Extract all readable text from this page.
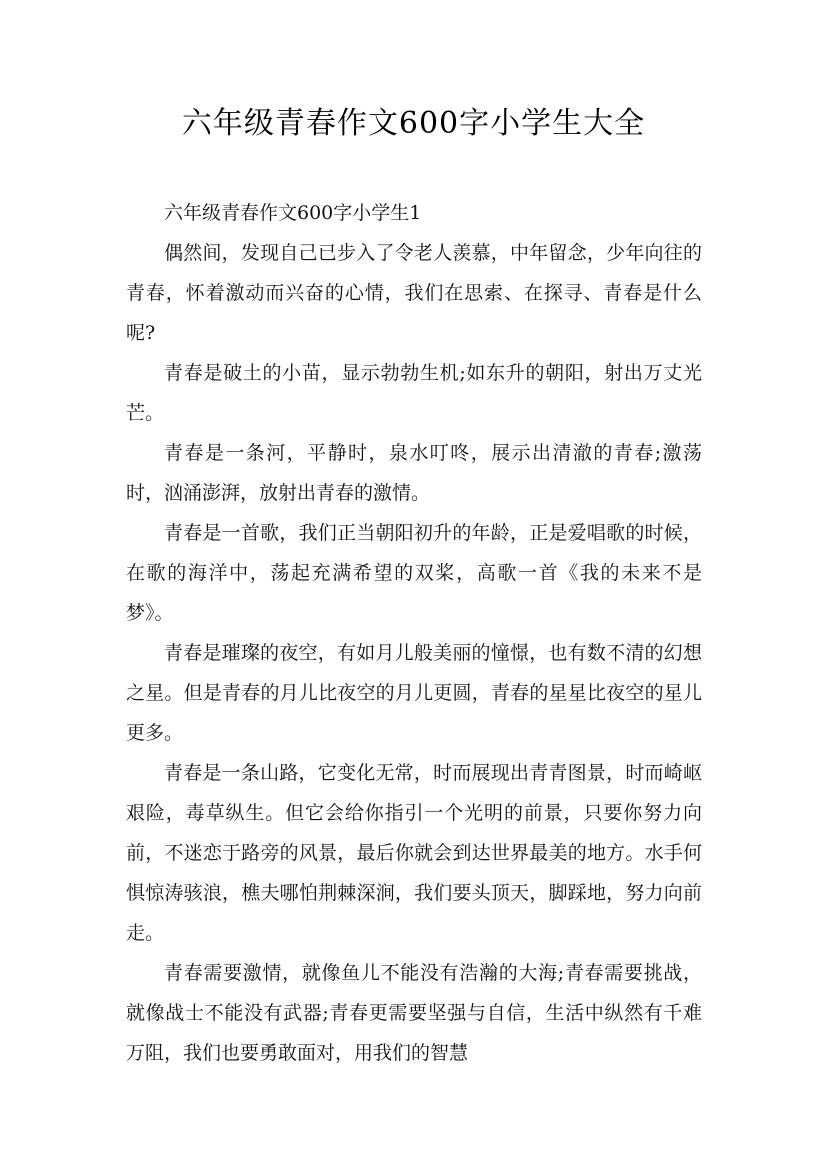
六年级青春作文600字小学生大全

六年级青春作文600字小学生1

偶然间，发现自己已步入了令老人羡慕，中年留念，少年向往的青春，怀着激动而兴奋的心情，我们在思索、在探寻、青春是什么呢?

青春是破土的小苗，显示勃勃生机;如东升的朝阳，射出万丈光芒。

青春是一条河，平静时，泉水叮咚，展示出清澈的青春;激荡时，汹涌澎湃，放射出青春的激情。

青春是一首歌，我们正当朝阳初升的年龄，正是爱唱歌的时候，在歌的海洋中，荡起充满希望的双桨，高歌一首《我的未来不是梦》。

青春是璀璨的夜空，有如月儿般美丽的憧憬，也有数不清的幻想之星。但是青春的月儿比夜空的月儿更圆，青春的星星比夜空的星儿更多。

青春是一条山路，它变化无常，时而展现出青青图景，时而崎岖艰险，毒草纵生。但它会给你指引一个光明的前景，只要你努力向前，不迷恋于路旁的风景，最后你就会到达世界最美的地方。水手何惧惊涛骇浪，樵夫哪怕荆棘深涧，我们要头顶天，脚踩地，努力向前走。

青春需要激情，就像鱼儿不能没有浩瀚的大海;青春需要挑战，就像战士不能没有武器;青春更需要坚强与自信，生活中纵然有千难万阻，我们也要勇敢面对，用我们的智慧
